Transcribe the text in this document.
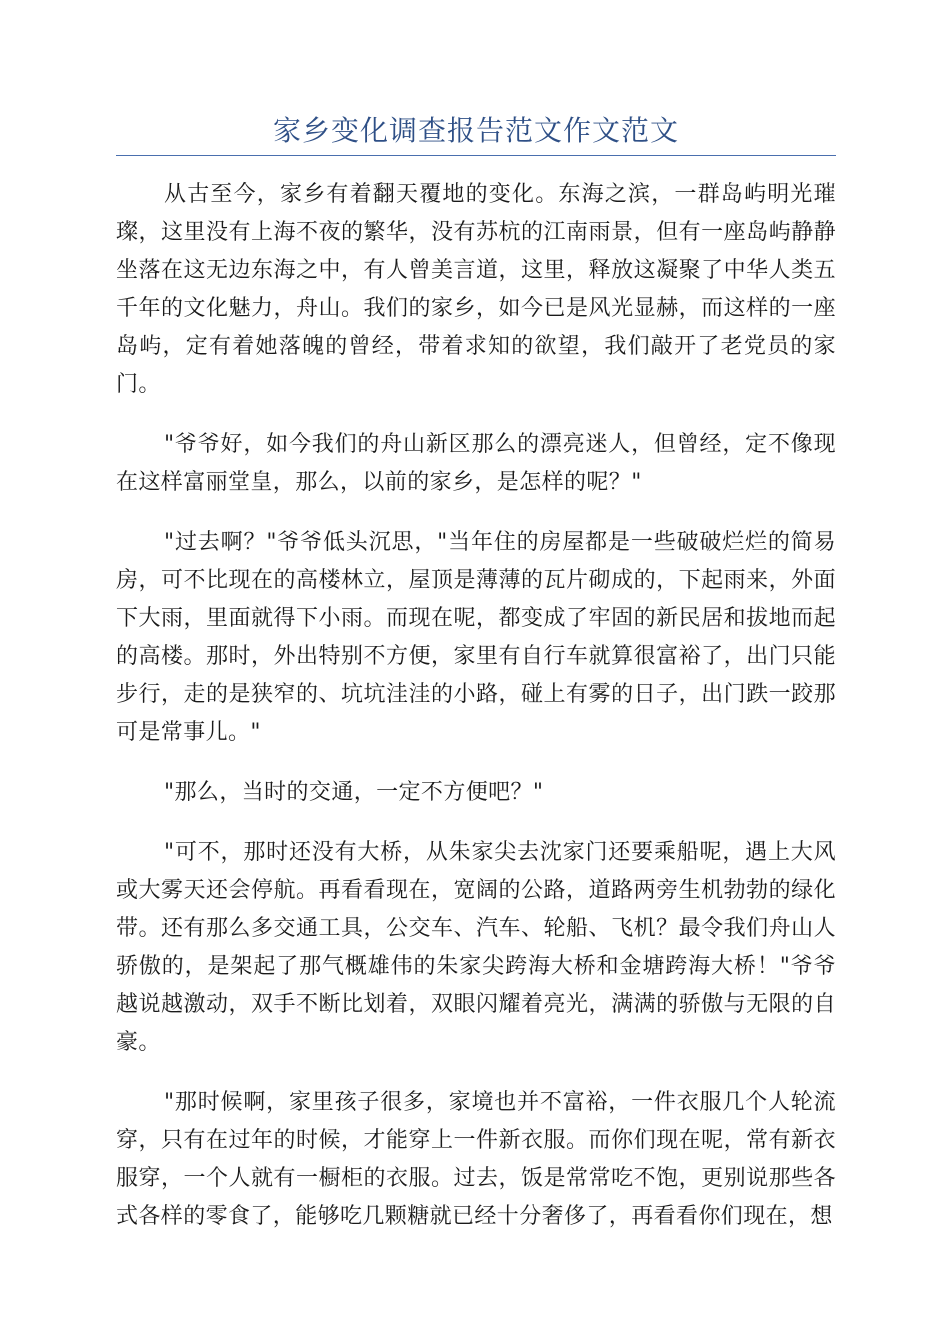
家乡变化调查报告范文作文范文

从古至今，家乡有着翻天覆地的变化。东海之滨，一群岛屿明光璀璨，这里没有上海不夜的繁华，没有苏杭的江南雨景，但有一座岛屿静静坐落在这无边东海之中，有人曾美言道，这里，释放这凝聚了中华人类五千年的文化魅力，舟山。我们的家乡，如今已是风光显赫，而这样的一座岛屿，定有着她落魄的曾经，带着求知的欲望，我们敲开了老党员的家门。

"爷爷好，如今我们的舟山新区那么的漂亮迷人，但曾经，定不像现在这样富丽堂皇，那么，以前的家乡，是怎样的呢？"

"过去啊？"爷爷低头沉思，"当年住的房屋都是一些破破烂烂的简易房，可不比现在的高楼林立，屋顶是薄薄的瓦片砌成的，下起雨来，外面下大雨，里面就得下小雨。而现在呢，都变成了牢固的新民居和拔地而起的高楼。那时，外出特别不方便，家里有自行车就算很富裕了，出门只能步行，走的是狭窄的、坑坑洼洼的小路，碰上有雾的日子，出门跌一跤那可是常事儿。"

"那么，当时的交通，一定不方便吧？"

"可不，那时还没有大桥，从朱家尖去沈家门还要乘船呢，遇上大风或大雾天还会停航。再看看现在，宽阔的公路，道路两旁生机勃勃的绿化带。还有那么多交通工具，公交车、汽车、轮船、飞机？最令我们舟山人骄傲的，是架起了那气概雄伟的朱家尖跨海大桥和金塘跨海大桥！"爷爷越说越激动，双手不断比划着，双眼闪耀着亮光，满满的骄傲与无限的自豪。

"那时候啊，家里孩子很多，家境也并不富裕，一件衣服几个人轮流穿，只有在过年的时候，才能穿上一件新衣服。而你们现在呢，常有新衣服穿，一个人就有一橱柜的衣服。过去，饭是常常吃不饱，更别说那些各式各样的零食了，能够吃几颗糖就已经十分奢侈了，再看看你们现在，想
